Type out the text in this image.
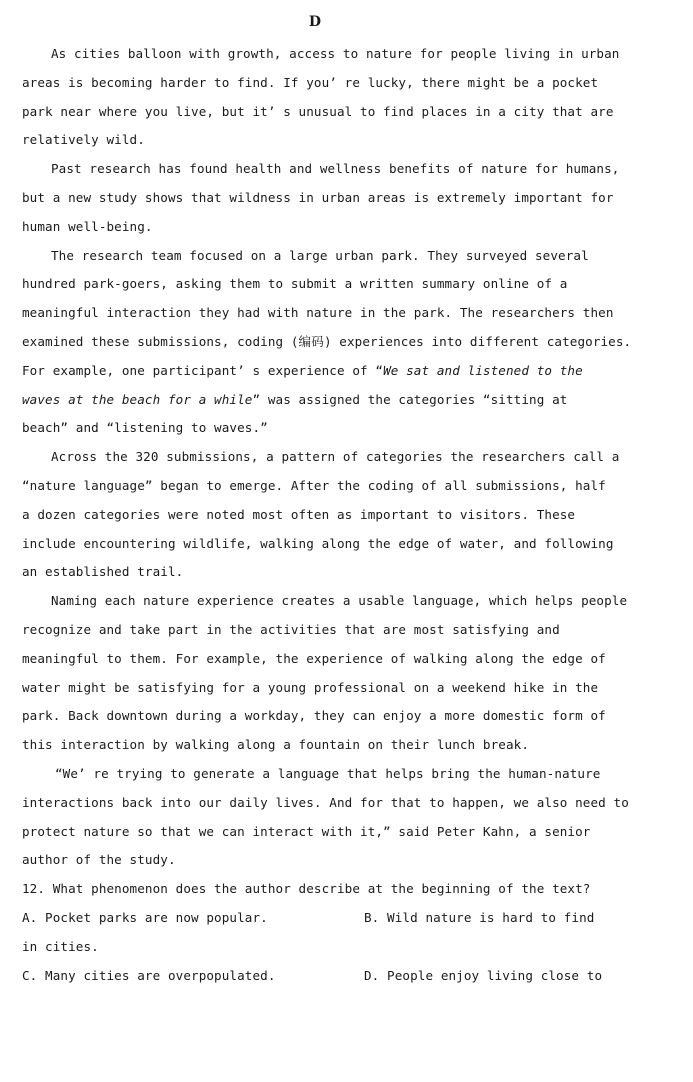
D
As cities balloon with growth, access to nature for people living in urban
areas is becoming harder to find. If you’ re lucky, there might be a pocket
park near where you live, but it’ s unusual to find places in a city that are
relatively wild.
Past research has found health and wellness benefits of nature for humans,
but a new study shows that wildness in urban areas is extremely important for
human well-being.
The research team focused on a large urban park. They surveyed several
hundred park-goers, asking them to submit a written summary online of a
meaningful interaction they had with nature in the park. The researchers then
examined these submissions, coding (编码) experiences into different categories.
For example, one participant’ s experience of “We sat and listened to the
waves at the beach for a while” was assigned the categories “sitting at
beach” and “listening to waves.”
Across the 320 submissions, a pattern of categories the researchers call a
“nature language” began to emerge. After the coding of all submissions, half
a dozen categories were noted most often as important to visitors. These
include encountering wildlife, walking along the edge of water, and following
an established trail.
Naming each nature experience creates a usable language, which helps people
recognize and take part in the activities that are most satisfying and
meaningful to them. For example, the experience of walking along the edge of
water might be satisfying for a young professional on a weekend hike in the
park. Back downtown during a workday, they can enjoy a more domestic form of
this interaction by walking along a fountain on their lunch break.
“We’ re trying to generate a language that helps bring the human-nature
interactions back into our daily lives. And for that to happen, we also need to
protect nature so that we can interact with it,” said Peter Kahn, a senior
author of the study.
12. What phenomenon does the author describe at the beginning of the text?
A. Pocket parks are now popular.	B. Wild nature is hard to find
in cities.
C. Many cities are overpopulated.	D. People enjoy living close to
